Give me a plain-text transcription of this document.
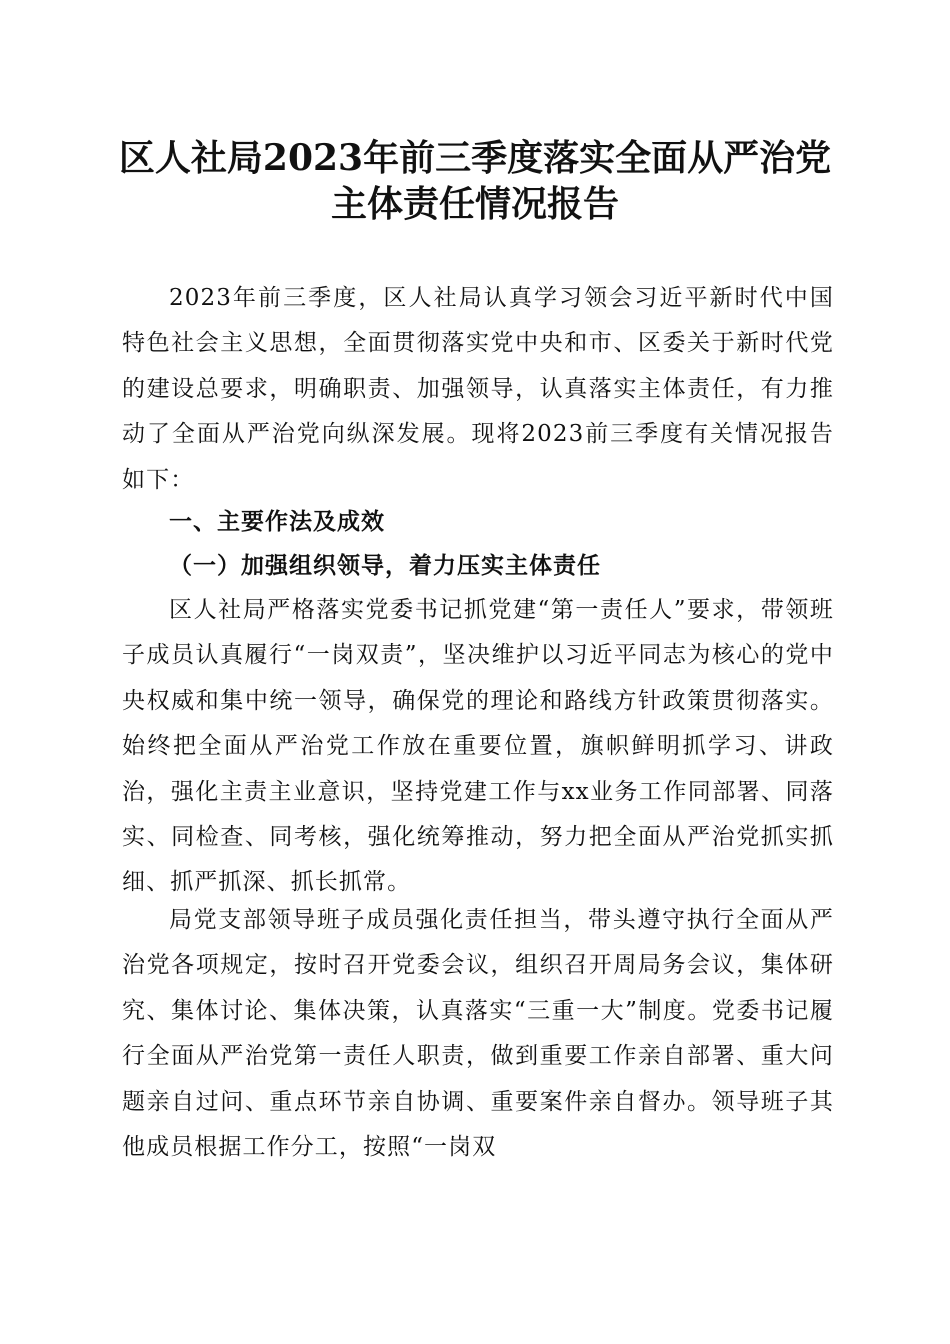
区人社局2023年前三季度落实全面从严治党
主体责任情况报告

2023年前三季度，区人社局认真学习领会习近平新时代中国特色社会主义思想，全面贯彻落实党中央和市、区委关于新时代党的建设总要求，明确职责、加强领导，认真落实主体责任，有力推动了全面从严治党向纵深发展。现将2023前三季度有关情况报告如下：

一、主要作法及成效
（一）加强组织领导，着力压实主体责任

区人社局严格落实党委书记抓党建“第一责任人”要求，带领班子成员认真履行“一岗双责”，坚决维护以习近平同志为核心的党中央权威和集中统一领导，确保党的理论和路线方针政策贯彻落实。始终把全面从严治党工作放在重要位置，旗帜鲜明抓学习、讲政治，强化主责主业意识，坚持党建工作与xx业务工作同部署、同落实、同检查、同考核，强化统筹推动，努力把全面从严治党抓实抓细、抓严抓深、抓长抓常。

局党支部领导班子成员强化责任担当，带头遵守执行全面从严治党各项规定，按时召开党委会议，组织召开周局务会议，集体研究、集体讨论、集体决策，认真落实“三重一大”制度。党委书记履行全面从严治党第一责任人职责，做到重要工作亲自部署、重大问题亲自过问、重点环节亲自协调、重要案件亲自督办。领导班子其他成员根据工作分工，按照“一岗双
